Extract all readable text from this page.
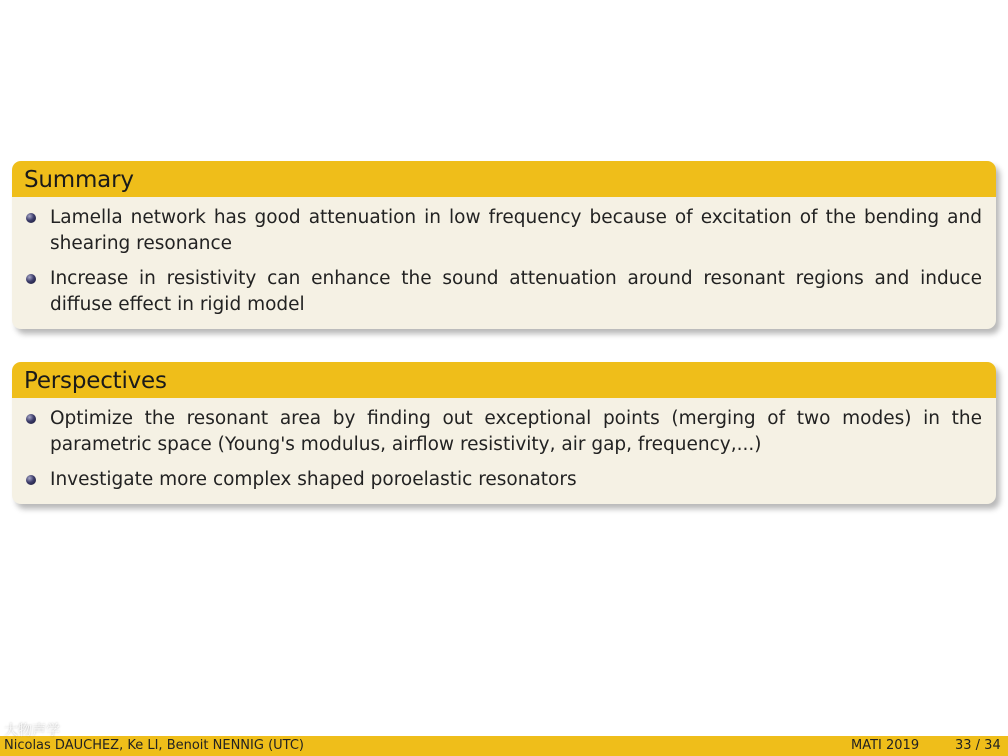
Summary
Lamella network has good attenuation in low frequency because of excitation of the bending and shearing resonance
Increase in resistivity can enhance the sound attenuation around resonant regions and induce diffuse effect in rigid model
Perspectives
Optimize the resonant area by finding out exceptional points (merging of two modes) in the parametric space (Young's modulus, airflow resistivity, air gap, frequency,...)
Investigate more complex shaped poroelastic resonators
Nicolas DAUCHEZ, Ke LI, Benoit NENNIG (UTC)	MATI 2019	33 / 34
大物声学
